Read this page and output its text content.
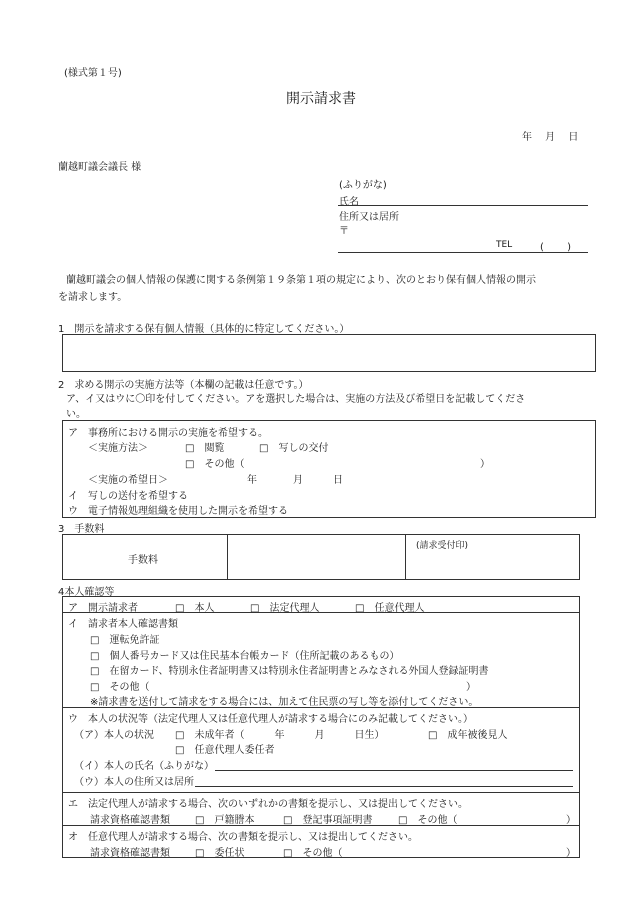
(様式第１号)
開示請求書
年　 月　 日
蘭越町議会議長 様
(ふりがな)
氏名
住所又は居所
〒
TEL	(　　 )
蘭越町議会の個人情報の保護に関する条例第１９条第１項の規定により、次のとおり保有個人情報の開示
を請求します。
1　開示を請求する保有個人情報（具体的に特定してください。）
2　求める開示の実施方法等（本欄の記載は任意です。）
ア、イ又はウに〇印を付してください。アを選択した場合は、実施の方法及び希望日を記載してくださ
い。
ア　事務所における開示の実施を希望する。
＜実施方法＞	□　閲覧	□　写しの交付
□　その他（	）
＜実施の希望日＞	年	月	日
イ　写しの送付を希望する
ウ　電子情報処理組織を使用した開示を希望する
3　手数料
手数料
(請求受付印)
4本人確認等
ア　開示請求者	□　本人	□　法定代理人	□　任意代理人
イ　請求者本人確認書類
□　運転免許証
□　個人番号カード又は住民基本台帳カード（住所記載のあるもの）
□　在留カード、特別永住者証明書又は特別永住者証明書とみなされる外国人登録証明書
□　その他（	）
※請求書を送付して請求をする場合には、加えて住民票の写し等を添付してください。
ウ　本人の状況等（法定代理人又は任意代理人が請求する場合にのみ記載してください。）
（ア）本人の状況 □　未成年者（　　　年　　　月　　　日生）	□　成年被後見人
□　任意代理人委任者
（イ）本人の氏名（ふりがな）
（ウ）本人の住所又は居所
エ　法定代理人が請求する場合、次のいずれかの書類を提示し、又は提出してください。
請求資格確認書類	□　戸籍謄本	□　登記事項証明書	□　その他（	）
オ　任意代理人が請求する場合、次の書類を提示し、又は提出してください。
請求資格確認書類	□　委任状	□　その他（	）
